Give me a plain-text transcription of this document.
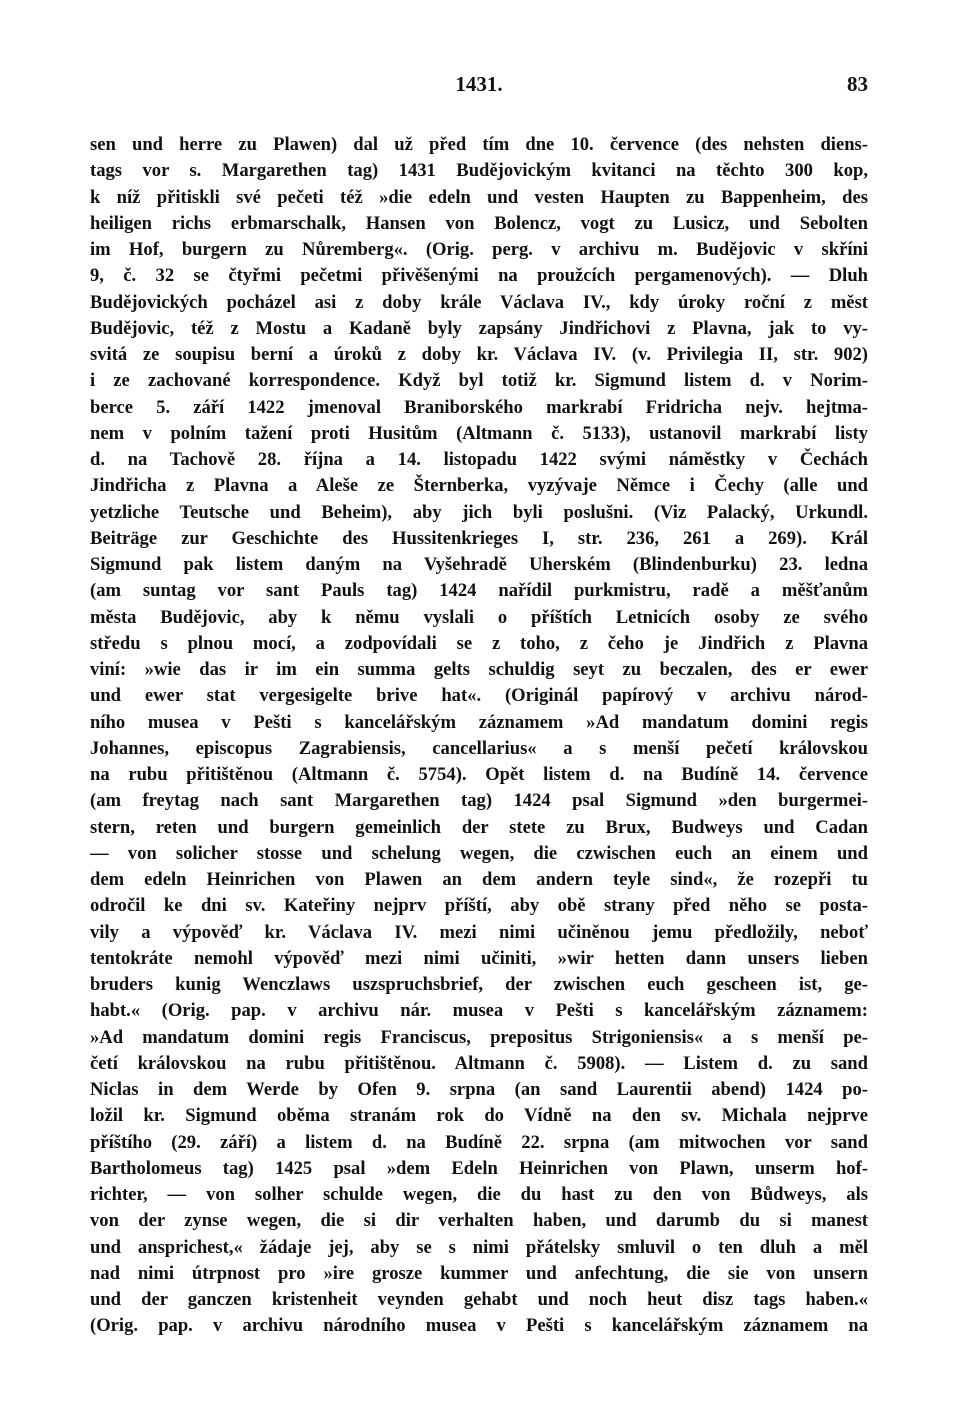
1431.	83
sen und herre zu Plawen) dal už před tím dne 10. července (des nehsten diens-
tags vor s. Margarethen tag) 1431 Budějovickým kvitanci na těchto 300 kop,
k níž přitiskli své pečeti též »die edeln und vesten Haupten zu Bappenheim, des
heiligen richs erbmarschalk, Hansen von Bolencz, vogt zu Lusicz, und Sebolten
im Hof, burgern zu Nůremberg«. (Orig. perg. v archivu m. Budějovic v skříni
9, č. 32 se čtyřmi pečetmi přivěšenými na proužcích pergamenových). — Dluh
Budějovických pocházel asi z doby krále Václava IV., kdy úroky roční z měst
Budějovic, též z Mostu a Kadaně byly zapsány Jindřichovi z Plavna, jak to vy-
svitá ze soupisu berní a úroků z doby kr. Václava IV. (v. Privilegia II, str. 902)
i ze zachované korrespondence. Když byl totiž kr. Sigmund listem d. v Norim-
berce 5. září 1422 jmenoval Braniborského markrabí Fridricha nejv. hejtma-
nem v polním tažení proti Husitům (Altmann č. 5133), ustanovil markrabí listy
d. na Tachově 28. října a 14. listopadu 1422 svými náměstky v Čechách
Jindřicha z Plavna a Aleše ze Šternberka, vyzývaje Němce i Čechy (alle und
yetzliche Teutsche und Beheim), aby jich byli poslušni. (Viz Palacký, Urkundl.
Beiträge zur Geschichte des Hussitenkrieges I, str. 236, 261 a 269). Král
Sigmund pak listem daným na Vyšehradě Uherském (Blindenburku) 23. ledna
(am suntag vor sant Pauls tag) 1424 nařídil purkmistru, radě a měšťanům
města Budějovic, aby k němu vyslali o příštích Letnicích osoby ze svého
středu s plnou mocí, a zodpovídali se z toho, z čeho je Jindřich z Plavna
viní: »wie das ir im ein summa gelts schuldig seyt zu beczalen, des er ewer
und ewer stat vergesigelte brive hat«. (Originál papírový v archivu národ-
ního musea v Pešti s kancelářským záznamem »Ad mandatum domini regis
Johannes, episcopus Zagrabiensis, cancellarius« a s menší pečetí královskou
na rubu přitištěnou (Altmann č. 5754). Opět listem d. na Budíně 14. července
(am freytag nach sant Margarethen tag) 1424 psal Sigmund »den burgermei-
stern, reten und burgern gemeinlich der stete zu Brux, Budweys und Cadan
— von solicher stosse und schelung wegen, die czwischen euch an einem und
dem edeln Heinrichen von Plawen an dem andern teyle sind«, že rozepři tu
odročil ke dni sv. Kateřiny nejprv příští, aby obě strany před něho se posta-
vily a výpověď kr. Václava IV. mezi nimi učiněnou jemu předložily, neboť
tentokráte nemohl výpověď mezi nimi učiniti, »wir hetten dann unsers lieben
bruders kunig Wenczlaws uszspruchsbrief, der zwischen euch gescheen ist, ge-
habt.« (Orig. pap. v archivu nár. musea v Pešti s kancelářským záznamem:
»Ad mandatum domini regis Franciscus, prepositus Strigoniensis« a s menší pe-
četí královskou na rubu přitištěnou. Altmann č. 5908). — Listem d. zu sand
Niclas in dem Werde by Ofen 9. srpna (an sand Laurentii abend) 1424 po-
ložil kr. Sigmund oběma stranám rok do Vídně na den sv. Michala nejprve
příštího (29. září) a listem d. na Budíně 22. srpna (am mitwochen vor sand
Bartholomeus tag) 1425 psal »dem Edeln Heinrichen von Plawn, unserm hof-
richter, — von solher schulde wegen, die du hast zu den von Bůdweys, als
von der zynse wegen, die si dir verhalten haben, und darumb du si manest
und ansprichest,« žádaje jej, aby se s nimi přátelsky smluvil o ten dluh a měl
nad nimi útrpnost pro »ire grosze kummer und anfechtung, die sie von unsern
und der ganczen kristenheit veynden gehabt und noch heut disz tags haben.«
(Orig. pap. v archivu národního musea v Pešti s kancelářským záznamem na
